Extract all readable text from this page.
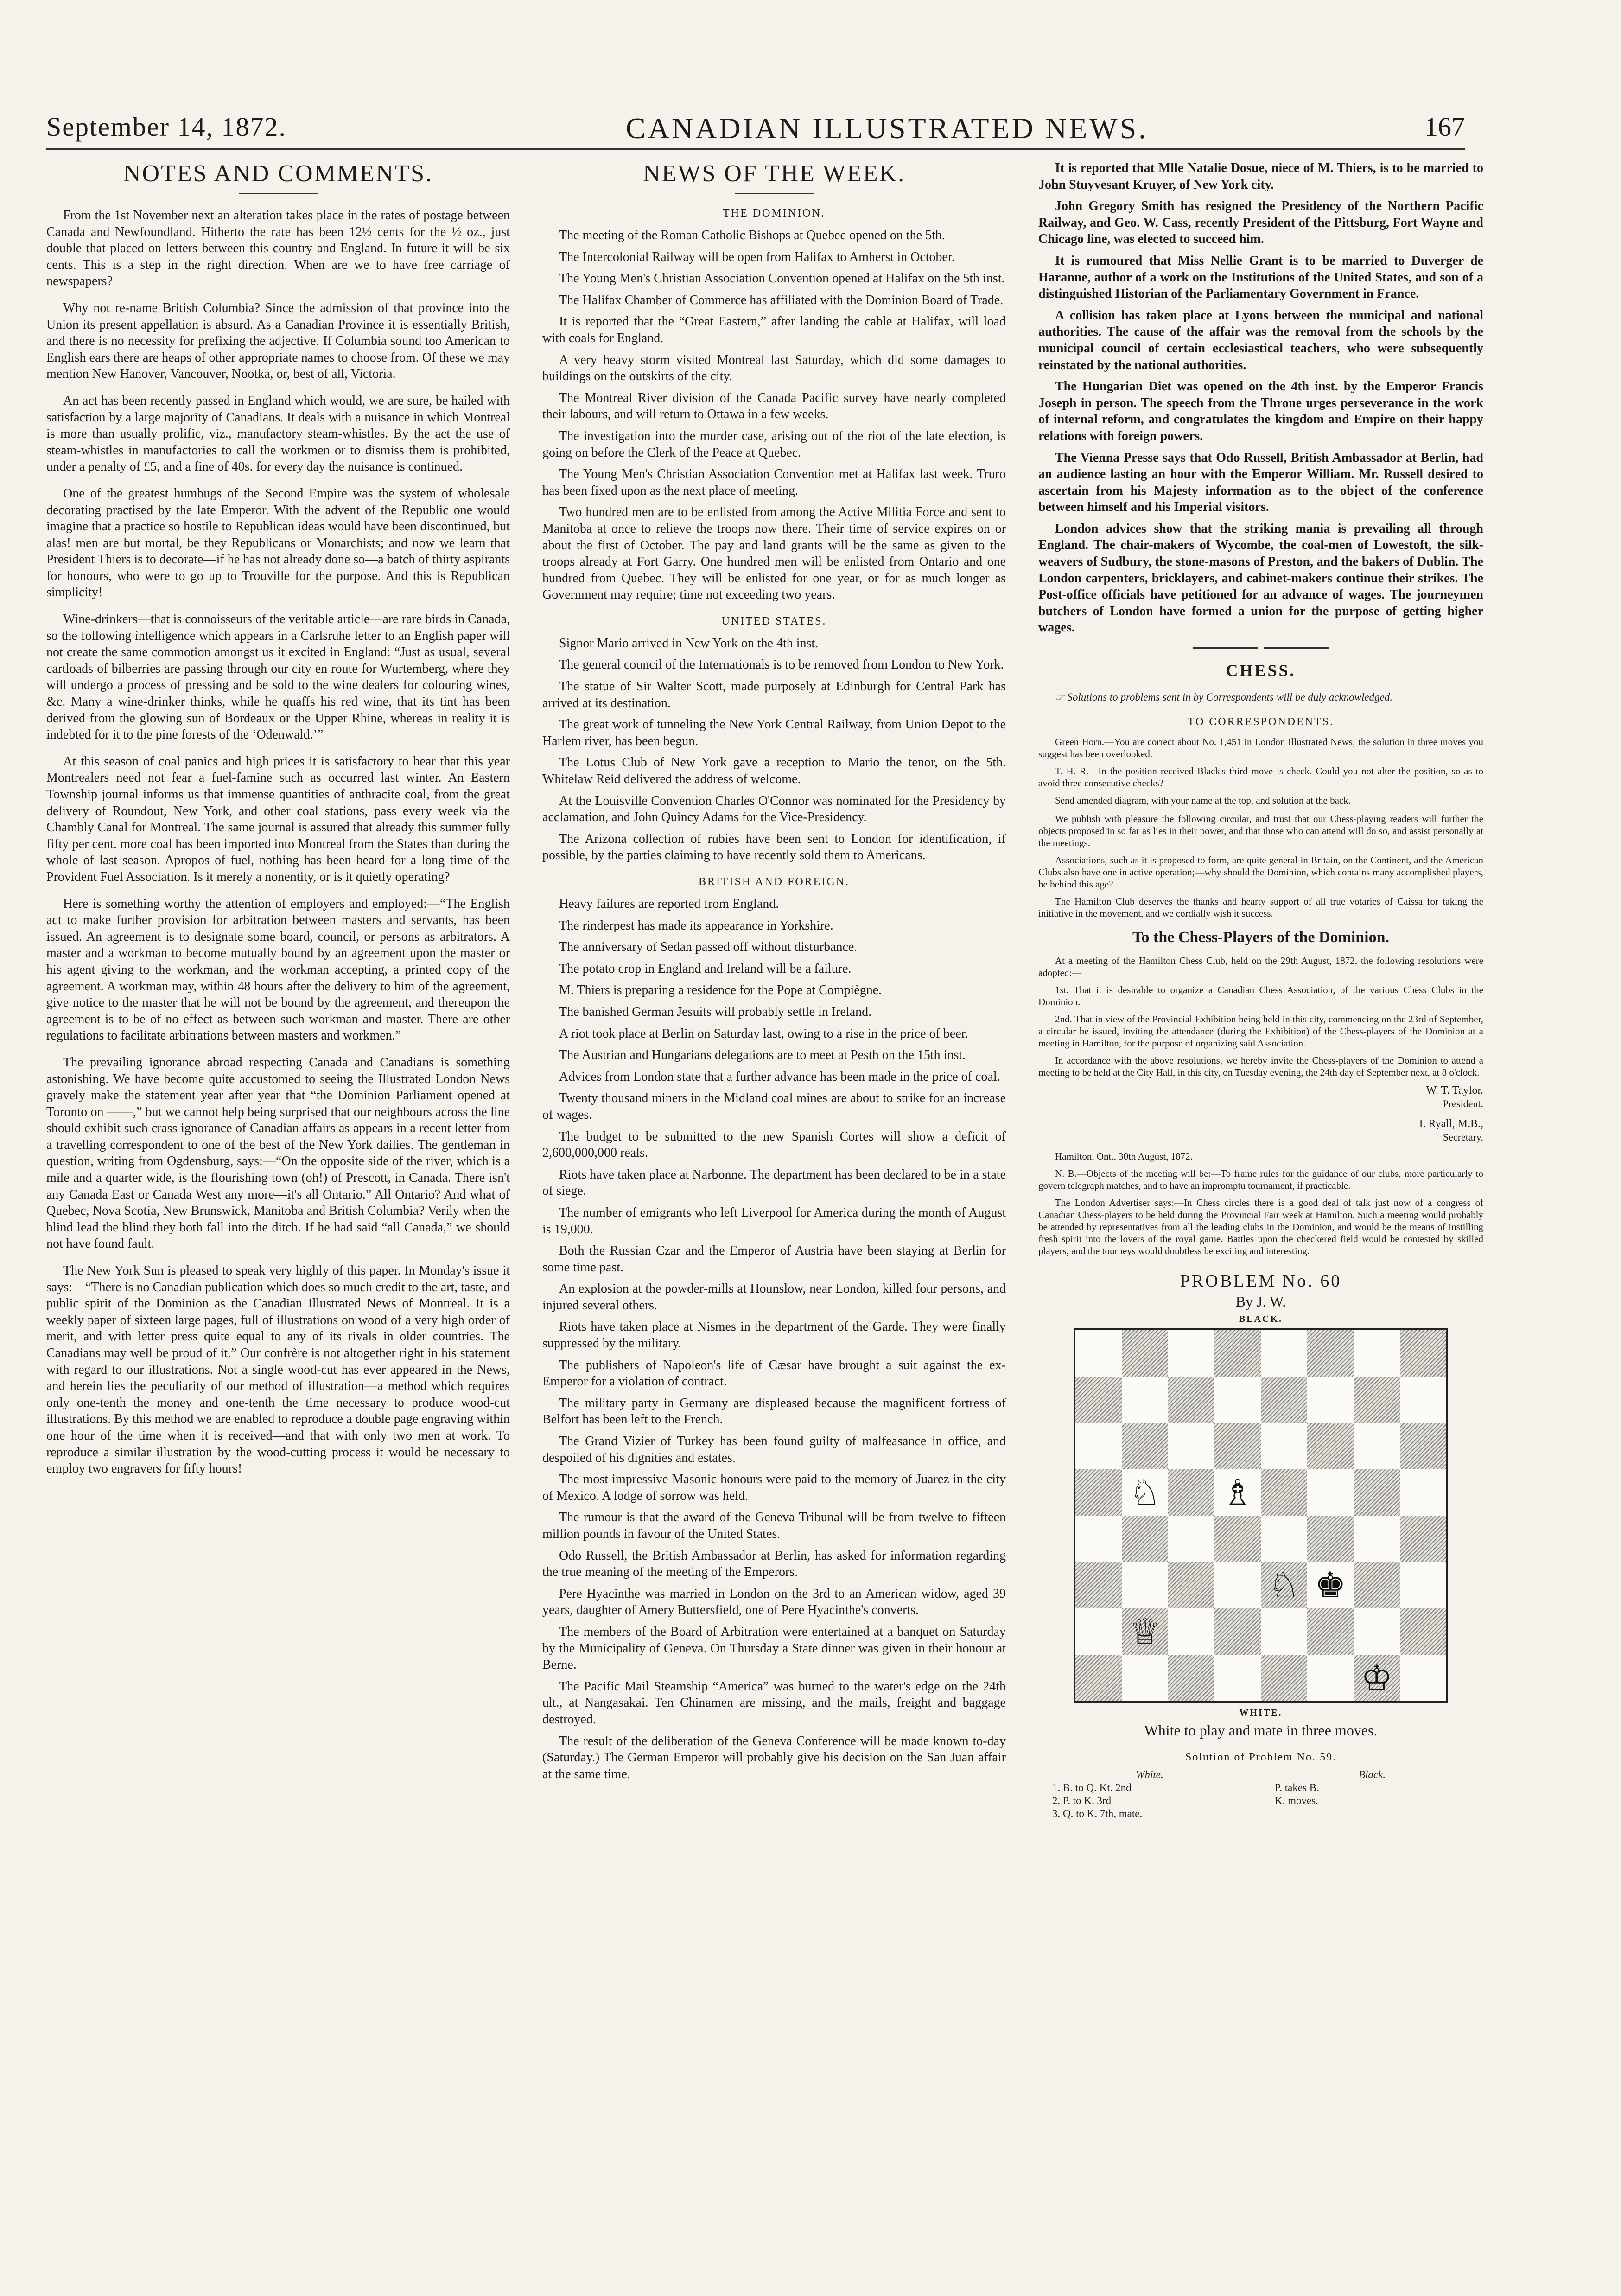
September 14, 1872.	CANADIAN ILLUSTRATED NEWS.	167
NOTES AND COMMENTS.

From the 1st November next an alteration takes place in the rates of postage between Canada and Newfoundland. Hitherto the rate has been 12½ cents for the ½ oz., just double that placed on letters between this country and England. In future it will be six cents. This is a step in the right direction. When are we to have free carriage of newspapers?

Why not re-name British Columbia? Since the admission of that province into the Union its present appellation is absurd. As a Canadian Province it is essentially British, and there is no necessity for prefixing the adjective. If Columbia sound too American to English ears there are heaps of other appropriate names to choose from. Of these we may mention New Hanover, Vancouver, Nootka, or, best of all, Victoria.

An act has been recently passed in England which would, we are sure, be hailed with satisfaction by a large majority of Canadians. It deals with a nuisance in which Montreal is more than usually prolific, viz., manufactory steam-whistles. By the act the use of steam-whistles in manufactories to call the workmen or to dismiss them is prohibited, under a penalty of £5, and a fine of 40s. for every day the nuisance is continued.

One of the greatest humbugs of the Second Empire was the system of wholesale decorating practised by the late Emperor. With the advent of the Republic one would imagine that a practice so hostile to Republican ideas would have been discontinued, but alas! men are but mortal, be they Republicans or Monarchists; and now we learn that President Thiers is to decorate—if he has not already done so—a batch of thirty aspirants for honours, who were to go up to Trouville for the purpose. And this is Republican simplicity!

Wine-drinkers—that is connoisseurs of the veritable article—are rare birds in Canada, so the following intelligence which appears in a Carlsruhe letter to an English paper will not create the same commotion amongst us it excited in England: “Just as usual, several cartloads of bilberries are passing through our city en route for Wurtemberg, where they will undergo a process of pressing and be sold to the wine dealers for colouring wines, &c. Many a wine-drinker thinks, while he quaffs his red wine, that its tint has been derived from the glowing sun of Bordeaux or the Upper Rhine, whereas in reality it is indebted for it to the pine forests of the ‘Odenwald.’”

At this season of coal panics and high prices it is satisfactory to hear that this year Montrealers need not fear a fuel-famine such as occurred last winter. An Eastern Township journal informs us that immense quantities of anthracite coal, from the great delivery of Roundout, New York, and other coal stations, pass every week via the Chambly Canal for Montreal. The same journal is assured that already this summer fully fifty per cent. more coal has been imported into Montreal from the States than during the whole of last season. Apropos of fuel, nothing has been heard for a long time of the Provident Fuel Association. Is it merely a nonentity, or is it quietly operating?

Here is something worthy the attention of employers and employed:—“The English act to make further provision for arbitration between masters and servants, has been issued. An agreement is to designate some board, council, or persons as arbitrators. A master and a workman to become mutually bound by an agreement upon the master or his agent giving to the workman, and the workman accepting, a printed copy of the agreement. A workman may, within 48 hours after the delivery to him of the agreement, give notice to the master that he will not be bound by the agreement, and thereupon the agreement is to be of no effect as between such workman and master. There are other regulations to facilitate arbitrations between masters and workmen.”

The prevailing ignorance abroad respecting Canada and Canadians is something astonishing. We have become quite accustomed to seeing the Illustrated London News gravely make the statement year after year that “the Dominion Parliament opened at Toronto on ——,” but we cannot help being surprised that our neighbours across the line should exhibit such crass ignorance of Canadian affairs as appears in a recent letter from a travelling correspondent to one of the best of the New York dailies. The gentleman in question, writing from Ogdensburg, says:—“On the opposite side of the river, which is a mile and a quarter wide, is the flourishing town (oh!) of Prescott, in Canada. There isn't any Canada East or Canada West any more—it's all Ontario.” All Ontario? And what of Quebec, Nova Scotia, New Brunswick, Manitoba and British Columbia? Verily when the blind lead the blind they both fall into the ditch. If he had said “all Canada,” we should not have found fault.

The New York Sun is pleased to speak very highly of this paper. In Monday's issue it says:—“There is no Canadian publication which does so much credit to the art, taste, and public spirit of the Dominion as the Canadian Illustrated News of Montreal. It is a weekly paper of sixteen large pages, full of illustrations on wood of a very high order of merit, and with letter press quite equal to any of its rivals in older countries. The Canadians may well be proud of it.” Our confrère is not altogether right in his statement with regard to our illustrations. Not a single wood-cut has ever appeared in the News, and herein lies the peculiarity of our method of illustration—a method which requires only one-tenth the money and one-tenth the time necessary to produce wood-cut illustrations. By this method we are enabled to reproduce a double page engraving within one hour of the time when it is received—and that with only two men at work. To reproduce a similar illustration by the wood-cutting process it would be necessary to employ two engravers for fifty hours!

NEWS OF THE WEEK.
THE DOMINION.

The meeting of the Roman Catholic Bishops at Quebec opened on the 5th.

The Intercolonial Railway will be open from Halifax to Amherst in October.

The Young Men's Christian Association Convention opened at Halifax on the 5th inst.

The Halifax Chamber of Commerce has affiliated with the Dominion Board of Trade.

It is reported that the “Great Eastern,” after landing the cable at Halifax, will load with coals for England.

A very heavy storm visited Montreal last Saturday, which did some damages to buildings on the outskirts of the city.

The Montreal River division of the Canada Pacific survey have nearly completed their labours, and will return to Ottawa in a few weeks.

The investigation into the murder case, arising out of the riot of the late election, is going on before the Clerk of the Peace at Quebec.

The Young Men's Christian Association Convention met at Halifax last week. Truro has been fixed upon as the next place of meeting.

Two hundred men are to be enlisted from among the Active Militia Force and sent to Manitoba at once to relieve the troops now there. Their time of service expires on or about the first of October. The pay and land grants will be the same as given to the troops already at Fort Garry. One hundred men will be enlisted from Ontario and one hundred from Quebec. They will be enlisted for one year, or for as much longer as Government may require; time not exceeding two years.

UNITED STATES.

Signor Mario arrived in New York on the 4th inst.

The general council of the Internationals is to be removed from London to New York.

The statue of Sir Walter Scott, made purposely at Edinburgh for Central Park has arrived at its destination.

The great work of tunneling the New York Central Railway, from Union Depot to the Harlem river, has been begun.

The Lotus Club of New York gave a reception to Mario the tenor, on the 5th. Whitelaw Reid delivered the address of welcome.

At the Louisville Convention Charles O'Connor was nominated for the Presidency by acclamation, and John Quincy Adams for the Vice-Presidency.

The Arizona collection of rubies have been sent to London for identification, if possible, by the parties claiming to have recently sold them to Americans.

BRITISH AND FOREIGN.

Heavy failures are reported from England.

The rinderpest has made its appearance in Yorkshire.

The anniversary of Sedan passed off without disturbance.

The potato crop in England and Ireland will be a failure.

M. Thiers is preparing a residence for the Pope at Compiègne.

The banished German Jesuits will probably settle in Ireland.

A riot took place at Berlin on Saturday last, owing to a rise in the price of beer.

The Austrian and Hungarians delegations are to meet at Pesth on the 15th inst.

Advices from London state that a further advance has been made in the price of coal.

Twenty thousand miners in the Midland coal mines are about to strike for an increase of wages.

The budget to be submitted to the new Spanish Cortes will show a deficit of 2,600,000,000 reals.

Riots have taken place at Narbonne. The department has been declared to be in a state of siege.

The number of emigrants who left Liverpool for America during the month of August is 19,000.

Both the Russian Czar and the Emperor of Austria have been staying at Berlin for some time past.

An explosion at the powder-mills at Hounslow, near London, killed four persons, and injured several others.

Riots have taken place at Nismes in the department of the Garde. They were finally suppressed by the military.

The publishers of Napoleon's life of Cæsar have brought a suit against the ex-Emperor for a violation of contract.

The military party in Germany are displeased because the magnificent fortress of Belfort has been left to the French.

The Grand Vizier of Turkey has been found guilty of malfeasance in office, and despoiled of his dignities and estates.

The most impressive Masonic honours were paid to the memory of Juarez in the city of Mexico. A lodge of sorrow was held.

The rumour is that the award of the Geneva Tribunal will be from twelve to fifteen million pounds in favour of the United States.

Odo Russell, the British Ambassador at Berlin, has asked for information regarding the true meaning of the meeting of the Emperors.

Pere Hyacinthe was married in London on the 3rd to an American widow, aged 39 years, daughter of Amery Buttersfield, one of Pere Hyacinthe's converts.

The members of the Board of Arbitration were entertained at a banquet on Saturday by the Municipality of Geneva. On Thursday a State dinner was given in their honour at Berne.

The Pacific Mail Steamship “America” was burned to the water's edge on the 24th ult., at Nangasakai. Ten Chinamen are missing, and the mails, freight and baggage destroyed.

The result of the deliberation of the Geneva Conference will be made known to-day (Saturday.) The German Emperor will probably give his decision on the San Juan affair at the same time.

It is reported that Mlle Natalie Dosue, niece of M. Thiers, is to be married to John Stuyvesant Kruyer, of New York city.

John Gregory Smith has resigned the Presidency of the Northern Pacific Railway, and Geo. W. Cass, recently President of the Pittsburg, Fort Wayne and Chicago line, was elected to succeed him.

It is rumoured that Miss Nellie Grant is to be married to Duverger de Haranne, author of a work on the Institutions of the United States, and son of a distinguished Historian of the Parliamentary Government in France.

A collision has taken place at Lyons between the municipal and national authorities. The cause of the affair was the removal from the schools by the municipal council of certain ecclesiastical teachers, who were subsequently reinstated by the national authorities.

The Hungarian Diet was opened on the 4th inst. by the Emperor Francis Joseph in person. The speech from the Throne urges perseverance in the work of internal reform, and congratulates the kingdom and Empire on their happy relations with foreign powers.

The Vienna Presse says that Odo Russell, British Ambassador at Berlin, had an audience lasting an hour with the Emperor William. Mr. Russell desired to ascertain from his Majesty information as to the object of the conference between himself and his Imperial visitors.

London advices show that the striking mania is prevailing all through England. The chair-makers of Wycombe, the coal-men of Lowestoft, the silk-weavers of Sudbury, the stone-masons of Preston, and the bakers of Dublin. The London carpenters, bricklayers, and cabinet-makers continue their strikes. The Post-office officials have petitioned for an advance of wages. The journeymen butchers of London have formed a union for the purpose of getting higher wages.

CHESS.

☞ Solutions to problems sent in by Correspondents will be duly acknowledged.

TO CORRESPONDENTS.

Green Horn.—You are correct about No. 1,451 in London Illustrated News; the solution in three moves you suggest has been overlooked.

T. H. R.—In the position received Black's third move is check. Could you not alter the position, so as to avoid three consecutive checks?

Send amended diagram, with your name at the top, and solution at the back.

We publish with pleasure the following circular, and trust that our Chess-playing readers will further the objects proposed in so far as lies in their power, and that those who can attend will do so, and assist personally at the meetings.

Associations, such as it is proposed to form, are quite general in Britain, on the Continent, and the American Clubs also have one in active operation;—why should the Dominion, which contains many accomplished players, be behind this age?

The Hamilton Club deserves the thanks and hearty support of all true votaries of Caissa for taking the initiative in the movement, and we cordially wish it success.

To the Chess-Players of the Dominion.

At a meeting of the Hamilton Chess Club, held on the 29th August, 1872, the following resolutions were adopted:—

1st. That it is desirable to organize a Canadian Chess Association, of the various Chess Clubs in the Dominion.

2nd. That in view of the Provincial Exhibition being held in this city, commencing on the 23rd of September, a circular be issued, inviting the attendance (during the Exhibition) of the Chess-players of the Dominion at a meeting in Hamilton, for the purpose of organizing said Association.

In accordance with the above resolutions, we hereby invite the Chess-players of the Dominion to attend a meeting to be held at the City Hall, in this city, on Tuesday evening, the 24th day of September next, at 8 o'clock.

W. T. Taylor.

President.

I. Ryall, M.B.,

Secretary.

Hamilton, Ont., 30th August, 1872.

N. B.—Objects of the meeting will be:—To frame rules for the guidance of our clubs, more particularly to govern telegraph matches, and to have an impromptu tournament, if practicable.

The London Advertiser says:—In Chess circles there is a good deal of talk just now of a congress of Canadian Chess-players to be held during the Provincial Fair week at Hamilton. Such a meeting would probably be attended by representatives from all the leading clubs in the Dominion, and would be the means of instilling fresh spirit into the lovers of the royal game. Battles upon the checkered field would be contested by skilled players, and the tourneys would doubtless be exciting and interesting.

PROBLEM No. 60
By J. W.
BLACK.
♘ ♗
♘ ♚
♕
♔
WHITE.
White to play and mate in three moves.
Solution of Problem No. 59.
White.
1. B. to Q. Kt. 2nd
2. P. to K. 3rd
3. Q. to K. 7th, mate.
Black.
P. takes B.
K. moves.
